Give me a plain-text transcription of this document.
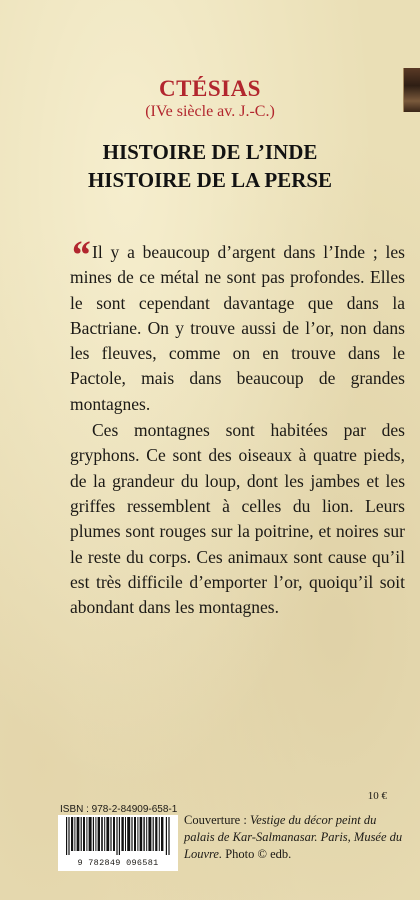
CTÉSIAS
(IVe siècle av. J.-C.)
HISTOIRE DE L’INDE
HISTOIRE DE LA PERSE
“ Il y a beaucoup d’argent dans l’Inde ; les mines de ce métal ne sont pas profondes. Elles le sont cependant davantage que dans la Bactriane. On y trouve aussi de l’or, non dans les fleuves, comme on en trouve dans le Pactole, mais dans beaucoup de grandes montagnes.

Ces montagnes sont habitées par des gryphons. Ce sont des oiseaux à quatre pieds, de la grandeur du loup, dont les jambes et les griffes ressemblent à celles du lion. Leurs plumes sont rouges sur la poitrine, et noires sur le reste du corps. Ces animaux sont cause qu’il est très difficile d’emporter l’or, quoiqu’il soit abondant dans les montagnes.

10 €
ISBN : 978-2-84909-658-1
9 782849 096581
Couverture : Vestige du décor peint du palais de Kar-Salmanasar. Paris, Musée du Louvre. Photo © edb.
